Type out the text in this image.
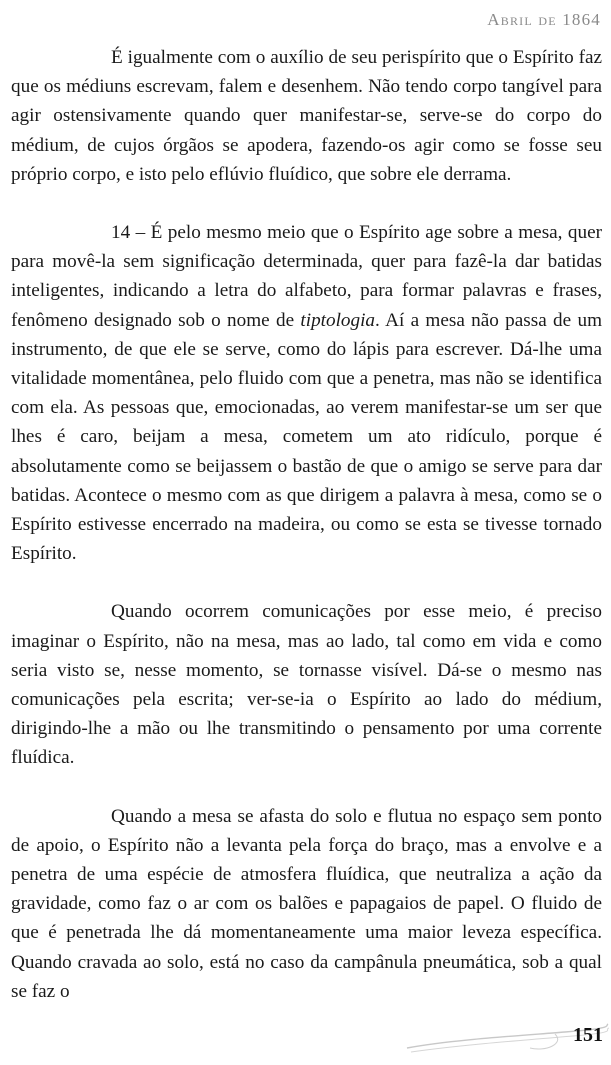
Abril de 1864

É igualmente com o auxílio de seu perispírito que o Espírito faz que os médiuns escrevam, falem e desenhem. Não tendo corpo tangível para agir ostensivamente quando quer manifestar-se, serve-se do corpo do médium, de cujos órgãos se apodera, fazendo-os agir como se fosse seu próprio corpo, e isto pelo eflúvio fluídico, que sobre ele derrama.

14 – É pelo mesmo meio que o Espírito age sobre a mesa, quer para movê-la sem significação determinada, quer para fazê-la dar batidas inteligentes, indicando a letra do alfabeto, para formar palavras e frases, fenômeno designado sob o nome de tiptologia. Aí a mesa não passa de um instrumento, de que ele se serve, como do lápis para escrever. Dá-lhe uma vitalidade momentânea, pelo fluido com que a penetra, mas não se identifica com ela. As pessoas que, emocionadas, ao verem manifestar-se um ser que lhes é caro, beijam a mesa, cometem um ato ridículo, porque é absolutamente como se beijassem o bastão de que o amigo se serve para dar batidas. Acontece o mesmo com as que dirigem a palavra à mesa, como se o Espírito estivesse encerrado na madeira, ou como se esta se tivesse tornado Espírito.

Quando ocorrem comunicações por esse meio, é preciso imaginar o Espírito, não na mesa, mas ao lado, tal como em vida e como seria visto se, nesse momento, se tornasse visível. Dá-se o mesmo nas comunicações pela escrita; ver-se-ia o Espírito ao lado do médium, dirigindo-lhe a mão ou lhe transmitindo o pensamento por uma corrente fluídica.

Quando a mesa se afasta do solo e flutua no espaço sem ponto de apoio, o Espírito não a levanta pela força do braço, mas a envolve e a penetra de uma espécie de atmosfera fluídica, que neutraliza a ação da gravidade, como faz o ar com os balões e papagaios de papel. O fluido de que é penetrada lhe dá momentaneamente uma maior leveza específica. Quando cravada ao solo, está no caso da campânula pneumática, sob a qual se faz o

151
